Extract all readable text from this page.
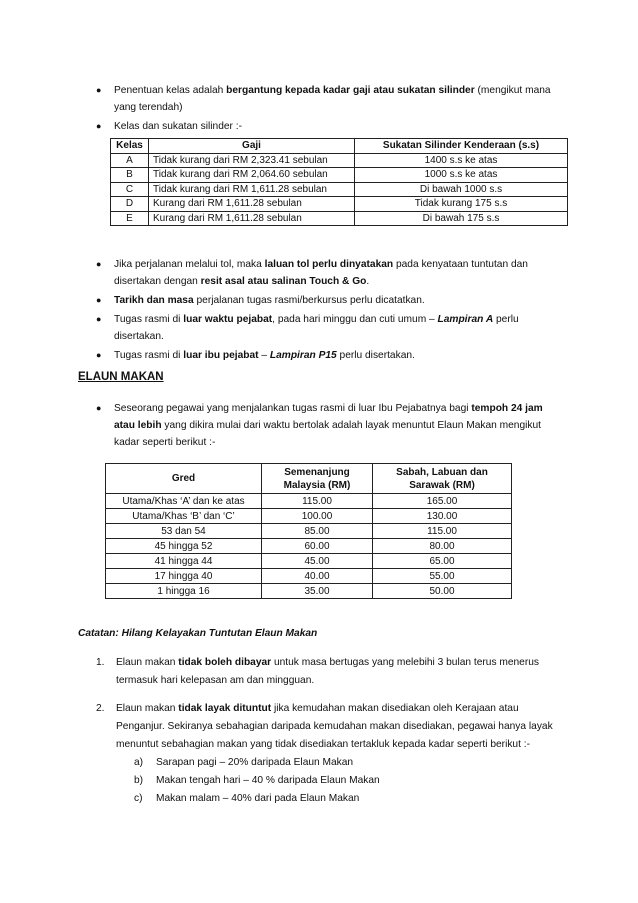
● Penentuan kelas adalah bergantung kepada kadar gaji atau sukatan silinder (mengikut mana yang terendah)
● Kelas dan sukatan silinder :-
Kelas	Gaji	Sukatan Silinder Kenderaan (s.s)
A	Tidak kurang dari RM 2,323.41 sebulan	1400 s.s ke atas
B	Tidak kurang dari RM 2,064.60 sebulan	1000 s.s ke atas
C	Tidak kurang dari RM 1,611.28 sebulan	Di bawah 1000 s.s
D	Kurang dari RM 1,611.28 sebulan	Tidak kurang 175 s.s
E	Kurang dari RM 1,611.28 sebulan	Di bawah 175 s.s
● Jika perjalanan melalui tol, maka laluan tol perlu dinyatakan pada kenyataan tuntutan dan disertakan dengan resit asal atau salinan Touch & Go.
● Tarikh dan masa perjalanan tugas rasmi/berkursus perlu dicatatkan.
● Tugas rasmi di luar waktu pejabat, pada hari minggu dan cuti umum – Lampiran A perlu disertakan.
● Tugas rasmi di luar ibu pejabat – Lampiran P15 perlu disertakan.
ELAUN MAKAN
● Seseorang pegawai yang menjalankan tugas rasmi di luar Ibu Pejabatnya bagi tempoh 24 jam atau lebih yang dikira mulai dari waktu bertolak adalah layak menuntut Elaun Makan mengikut kadar seperti berikut :-
Gred	Semenanjung Malaysia (RM)	Sabah, Labuan dan Sarawak (RM)
Utama/Khas ‘A’ dan ke atas	115.00	165.00
Utama/Khas ‘B’ dan ‘C’	100.00	130.00
53 dan 54	85.00	115.00
45 hingga 52	60.00	80.00
41 hingga 44	45.00	65.00
17 hingga 40	40.00	55.00
1 hingga 16	35.00	50.00
Catatan: Hilang Kelayakan Tuntutan Elaun Makan
1. Elaun makan tidak boleh dibayar untuk masa bertugas yang melebihi 3 bulan terus menerus termasuk hari kelepasan am dan mingguan.
2. Elaun makan tidak layak dituntut jika kemudahan makan disediakan oleh Kerajaan atau Penganjur. Sekiranya sebahagian daripada kemudahan makan disediakan, pegawai hanya layak menuntut sebahagian makan yang tidak disediakan tertakluk kepada kadar seperti berikut :-
a) Sarapan pagi – 20% daripada Elaun Makan
b) Makan tengah hari – 40 % daripada Elaun Makan
c) Makan malam – 40% dari pada Elaun Makan
